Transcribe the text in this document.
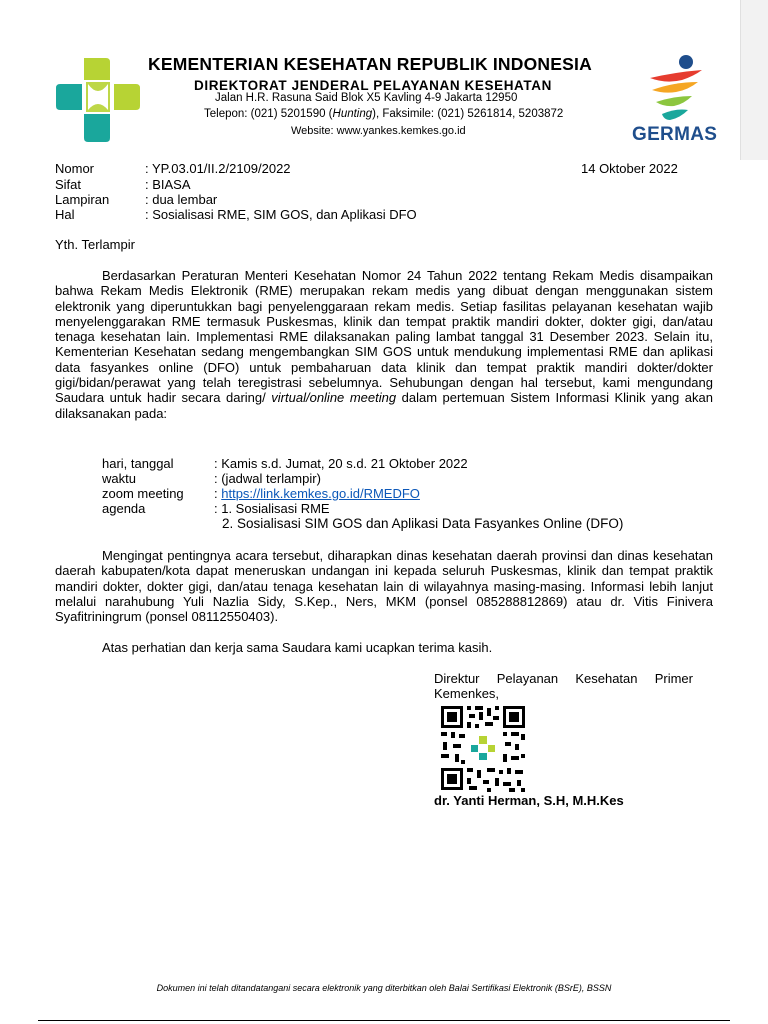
KEMENTERIAN KESEHATAN REPUBLIK INDONESIA
DIREKTORAT JENDERAL PELAYANAN KESEHATAN
Jalan H.R. Rasuna Said Blok X5 Kavling 4-9 Jakarta 12950
Telepon: (021) 5201590 (Hunting), Faksimile: (021) 5261814, 5203872
Website: www.yankes.kemkes.go.id	GERMAS
Nomor	: YP.03.01/II.2/2109/2022	14 Oktober 2022
Sifat	: BIASA
Lampiran	: dua lembar
Hal	: Sosialisasi RME, SIM GOS, dan Aplikasi DFO
Yth. Terlampir
Berdasarkan Peraturan Menteri Kesehatan Nomor 24 Tahun 2022 tentang Rekam Medis disampaikan bahwa Rekam Medis Elektronik (RME) merupakan rekam medis yang dibuat dengan menggunakan sistem elektronik yang diperuntukkan bagi penyelenggaraan rekam medis. Setiap fasilitas pelayanan kesehatan wajib menyelenggarakan RME termasuk Puskesmas, klinik dan tempat praktik mandiri dokter, dokter gigi, dan/atau tenaga kesehatan lain. Implementasi RME dilaksanakan paling lambat tanggal 31 Desember 2023. Selain itu, Kementerian Kesehatan sedang mengembangkan SIM GOS untuk mendukung implementasi RME dan aplikasi data fasyankes online (DFO) untuk pembaharuan data klinik dan tempat praktik mandiri dokter/dokter gigi/bidan/perawat yang telah teregistrasi sebelumnya. Sehubungan dengan hal tersebut, kami mengundang Saudara untuk hadir secara daring/ virtual/online meeting dalam pertemuan Sistem Informasi Klinik yang akan dilaksanakan pada:
hari, tanggal	: Kamis s.d. Jumat, 20 s.d. 21 Oktober 2022
waktu	: (jadwal terlampir)
zoom meeting : https://link.kemkes.go.id/RMEDFO
agenda	: 1. Sosialisasi RME
2. Sosialisasi SIM GOS dan Aplikasi Data Fasyankes Online (DFO)
Mengingat pentingnya acara tersebut, diharapkan dinas kesehatan daerah provinsi dan dinas kesehatan daerah kabupaten/kota dapat meneruskan undangan ini kepada seluruh Puskesmas, klinik dan tempat praktik mandiri dokter, dokter gigi, dan/atau tenaga kesehatan lain di wilayahnya masing-masing. Informasi lebih lanjut melalui narahubung Yuli Nazlia Sidy, S.Kep., Ners, MKM (ponsel 085288812869) atau dr. Vitis Finivera Syafitriningrum (ponsel 08112550403).
Atas perhatian dan kerja sama Saudara kami ucapkan terima kasih.
Direktur Pelayanan Kesehatan Primer
Kemenkes,
dr. Yanti Herman, S.H, M.H.Kes
Dokumen ini telah ditandatangani secara elektronik yang diterbitkan oleh Balai Sertifikasi Elektronik (BSrE), BSSN
